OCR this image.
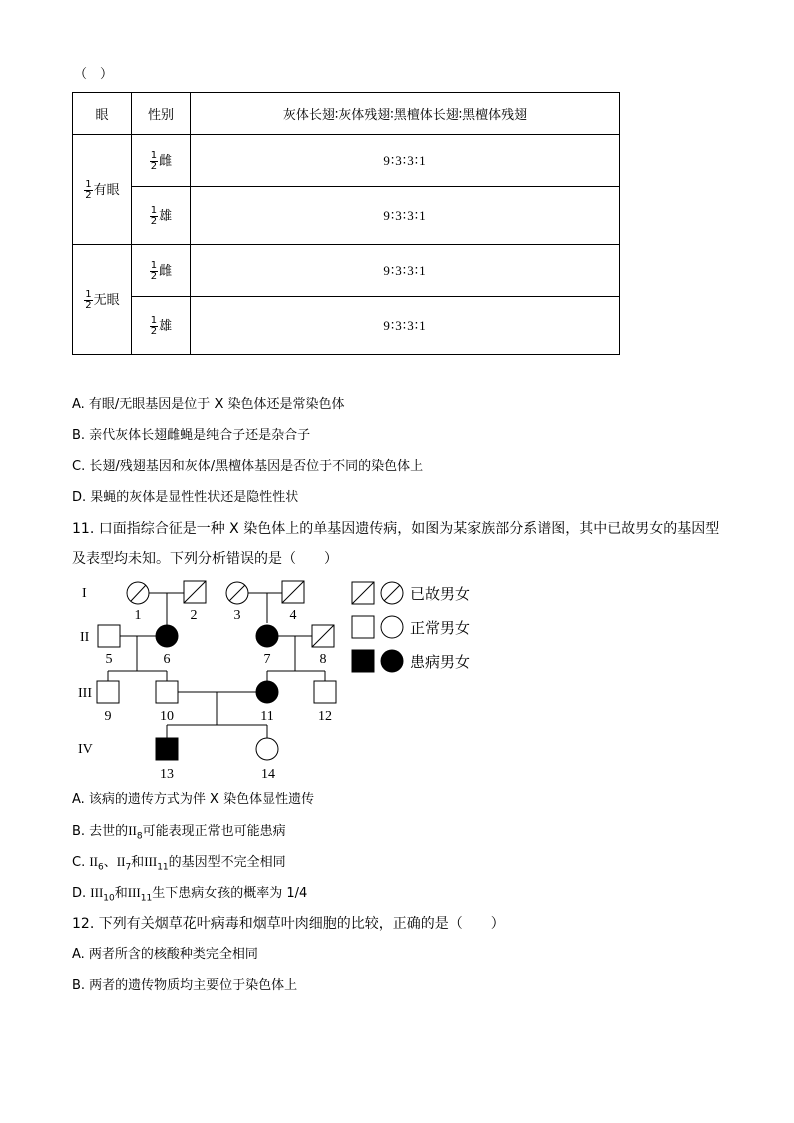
（　）
眼	性别	灰体长翅∶灰体残翅∶黑檀体长翅∶黑檀体残翅

$\frac{1}{2}$ 有眼	$\frac{1}{2}$ 雌	9∶3∶3∶1

	$\frac{1}{2}$ 雄	9∶3∶3∶1

$\frac{1}{2}$ 无眼	$\frac{1}{2}$ 雌	9∶3∶3∶1

	$\frac{1}{2}$ 雄	9∶3∶3∶1
A. 有眼/无眼基因是位于 X 染色体还是常染色体
B. 亲代灰体长翅雌蝇是纯合子还是杂合子
C. 长翅/残翅基因和灰体/黑檀体基因是否位于不同的染色体上
D. 果蝇的灰体是显性性状还是隐性性状
11. 口面指综合征是一种 X 染色体上的单基因遗传病，如图为某家族部分系谱图，其中已故男女的基因型
及表型均未知。下列分析错误的是（　　）
I
II
III
IV
1	2	3	4
5	6	7	8
9	10	11	12
13	14
已故男女
正常男女
患病男女
A. 该病的遗传方式为伴 X 染色体显性遗传
B. 去世的$II_8$可能表现正常也可能患病
C. $II_6$、$II_7$和$III_{11}$的基因型不完全相同
D. $III_{10}$和$III_{11}$生下患病女孩的概率为 1/4
12. 下列有关烟草花叶病毒和烟草叶肉细胞的比较，正确的是（　　）
A. 两者所含的核酸种类完全相同
B. 两者的遗传物质均主要位于染色体上
